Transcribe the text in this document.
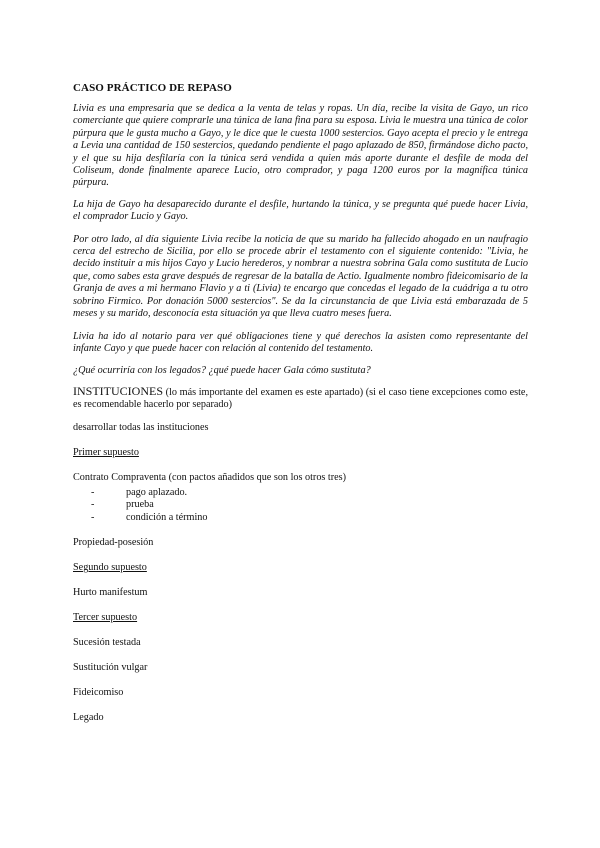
CASO PRÁCTICO DE REPASO

Livia es una empresaria que se dedica a la venta de telas y ropas. Un día, recibe la visita de Gayo, un rico comerciante que quiere comprarle una túnica de lana fina para su esposa. Livia le muestra una túnica de color púrpura que le gusta mucho a Gayo, y le dice que le cuesta 1000 sestercios. Gayo acepta el precio y le entrega a Levia una cantidad de 150 sestercios, quedando pendiente el pago aplazado de 850, firmándose dicho pacto, y el que su hija desfilaría con la túnica será vendida a quien más aporte durante el desfile de moda del Coliseum, donde finalmente aparece Lucio, otro comprador, y paga 1200 euros por la magnífica túnica púrpura.

La hija de Gayo ha desaparecido durante el desfile, hurtando la túnica, y se pregunta qué puede hacer Livia, el comprador Lucio y Gayo.

Por otro lado, al día siguiente Livia recibe la noticia de que su marido ha fallecido ahogado en un naufragio cerca del estrecho de Sicilia, por ello se procede abrir el testamento con el siguiente contenido: "Livia, he decido instituir a mis hijos Cayo y Lucio herederos, y nombrar a nuestra sobrina Gala como sustituta de Lucio que, como sabes esta grave después de regresar de la batalla de Actio. Igualmente nombro fideicomisario de la Granja de aves a mi hermano Flavio y a ti (Livia) te encargo que concedas el legado de la cuádriga a tu otro sobrino Firmico. Por donación 5000 sestercios". Se da la circunstancia de que Livia está embarazada de 5 meses y su marido, desconocía esta situación ya que lleva cuatro meses fuera.

Livia ha ido al notario para ver qué obligaciones tiene y qué derechos la asisten como representante del infante Cayo y que puede hacer con relación al contenido del testamento.

¿Qué ocurriría con los legados? ¿qué puede hacer Gala cómo sustituta?

INSTITUCIONES (lo más importante del examen es este apartado) (si el caso tiene excepciones como este, es recomendable hacerlo por separado)

desarrollar todas las instituciones

Primer supuesto

Contrato Compraventa (con pactos añadidos que son los otros tres)

- pago aplazado.
- prueba
- condición a término

Propiedad-posesión

Segundo supuesto

Hurto manifestum

Tercer supuesto

Sucesión testada

Sustitución vulgar

Fideicomiso

Legado
